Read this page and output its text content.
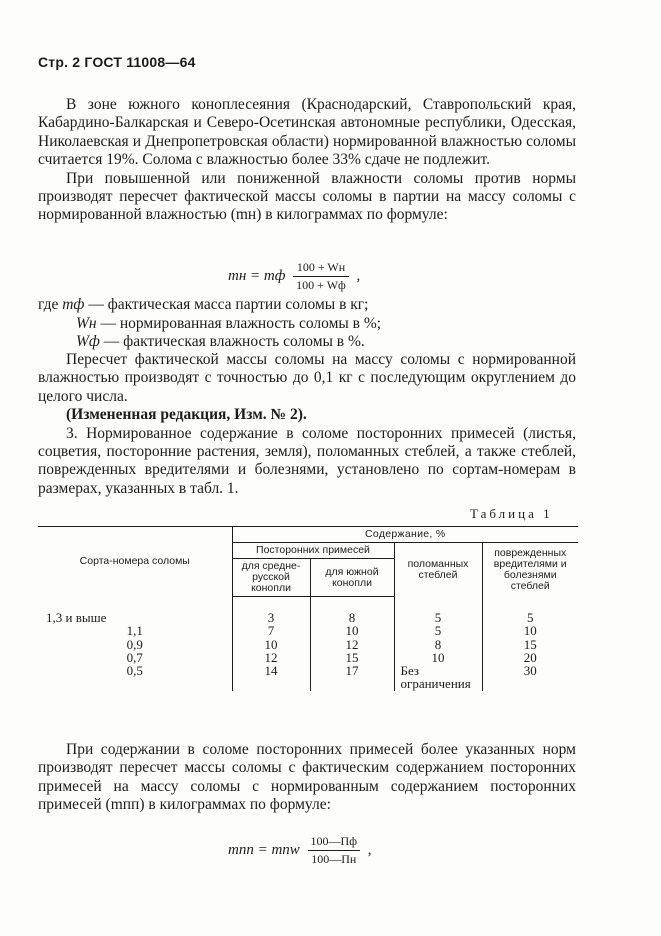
Стр. 2 ГОСТ 11008—64

В зоне южного коноплесеяния (Краснодарский, Ставропольский края, Кабардино-Балкарская и Северо-Осетинская автономные республики, Одесская, Николаевская и Днепропетровская области) нормированной влажностью соломы считается 19%. Солома с влажностью более 33% сдаче не подлежит.

При повышенной или пониженной влажности соломы против нормы производят пересчет фактической массы соломы в партии на массу соломы с нормированной влажностью (mн) в килограммах по формуле:

mн = mф $\frac{100 + Wн}{100 + Wф}$ ,
где mф — фактическая масса партии соломы в кг;
Wн — нормированная влажность соломы в %;
Wф — фактическая влажность соломы в %.

Пересчет фактической массы соломы на массу соломы с нормированной влажностью производят с точностью до 0,1 кг с последующим округлением до целого числа.

(Измененная редакция, Изм. № 2).

3. Нормированное содержание в соломе посторонних примесей (листья, соцветия, посторонние растения, земля), поломанных стеблей, а также стеблей, поврежденных вредителями и болезнями, установлено по сортам-номерам в размерах, указанных в табл. 1.

Таблица 1
Сорта-номера соломы	Содержание, %			
	Посторонних примесей		поломанных стеблей	поврежденных вредителями и болезнями стеблей
	для средне-русской конопли	для южной конопли		
1,3 и выше	3	8	5	5
1,1	7	10	5	10
0,9	10	12	8	15
0,7	12	15	10	20
0,5	14	17	Без ограничения	30

При содержании в соломе посторонних примесей более указанных норм производят пересчет массы соломы с фактическим содержанием посторонних примесей на массу соломы с нормированным содержанием посторонних примесей (mпп) в килограммах по формуле:

mпп = mпw $\frac{100—Пф}{100—Пн}$ ,
